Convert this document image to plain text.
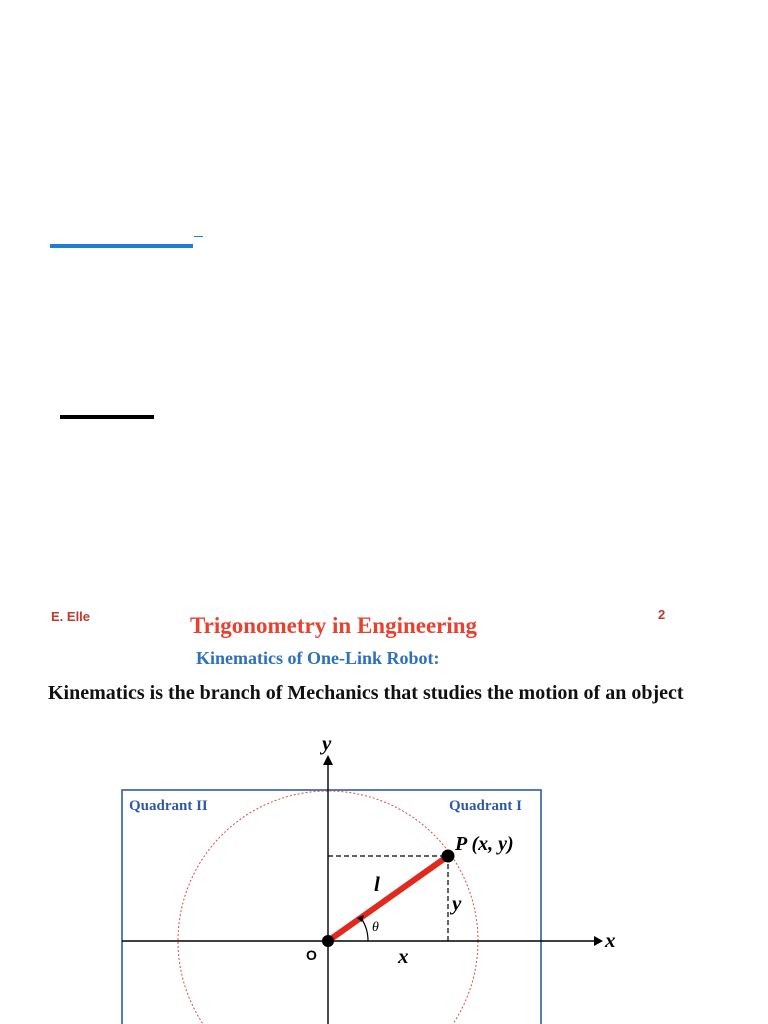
E. Elle	2
Trigonometry in Engineering
Kinematics of One-Link Robot:
Kinematics is the branch of Mechanics that studies the motion of an object
Quadrant II	Quadrant I
y
x
O
P (x, y)
l
θ
x
y
